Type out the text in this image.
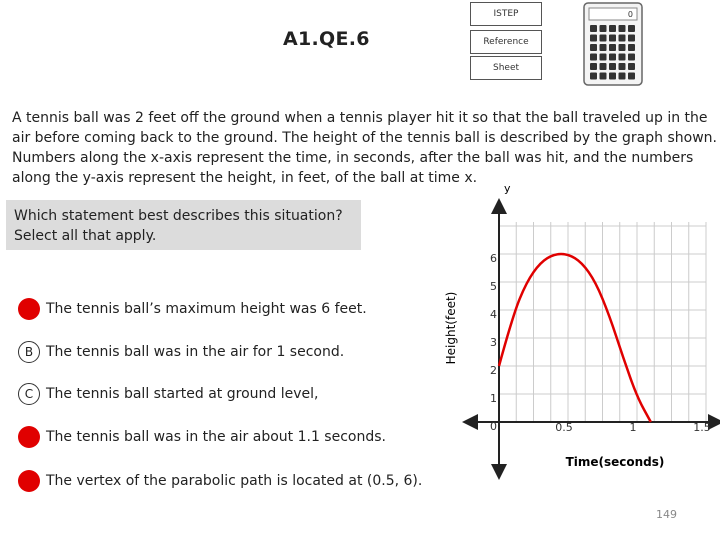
A1.QE.6
ISTEP
Reference
Sheet
0
A tennis ball was 2 feet off the ground when a tennis player hit it so that the ball traveled up in the air before coming back to the ground. The height of the tennis ball is described by the graph shown. Numbers along the x-axis represent the time, in seconds, after the ball was hit, and the numbers along the y-axis represent the height, in feet, of the ball at time x.
Which statement best describes this situation?
Select all that apply.
A The tennis ball’s maximum height was 6 feet.
B The tennis ball was in the air for 1 second.
C The tennis ball started at ground level,
D The tennis ball was in the air about 1.1 seconds.
E The vertex of the parabolic path is located at (0.5, 6).
1
2
3
4
5
6
0	0.5	1	1.5
Time(seconds)
Height(feet)
y
149
